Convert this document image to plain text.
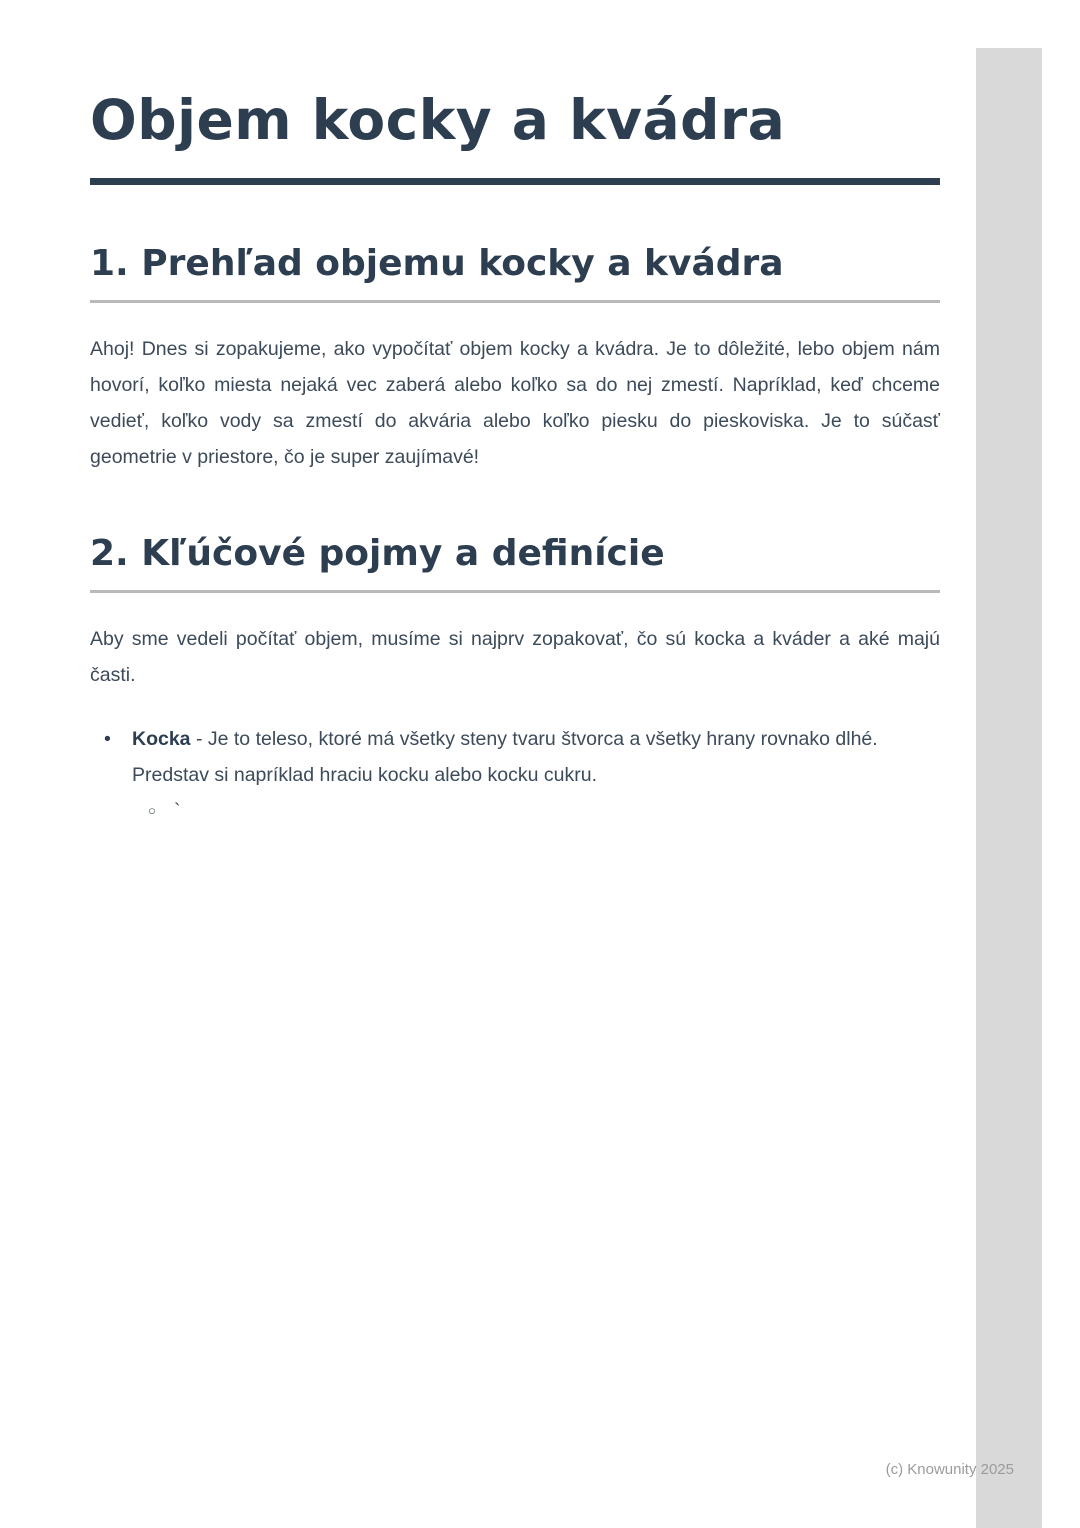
Objem kocky a kvádra
1. Prehľad objemu kocky a kvádra

Ahoj! Dnes si zopakujeme, ako vypočítať objem kocky a kvádra. Je to dôležité, lebo objem nám hovorí, koľko miesta nejaká vec zaberá alebo koľko sa do nej zmestí. Napríklad, keď chceme vedieť, koľko vody sa zmestí do akvária alebo koľko piesku do pieskoviska. Je to súčasť geometrie v priestore, čo je super zaujímavé!

2. Kľúčové pojmy a definície

Aby sme vedeli počítať objem, musíme si najprv zopakovať, čo sú kocka a kváder a aké majú časti.

•	Kocka - Je to teleso, ktoré má všetky steny tvaru štvorca a všetky hrany rovnako dlhé. Predstav si napríklad hraciu kocku alebo kocku cukru.
○ `
(c) Knowunity 2025
